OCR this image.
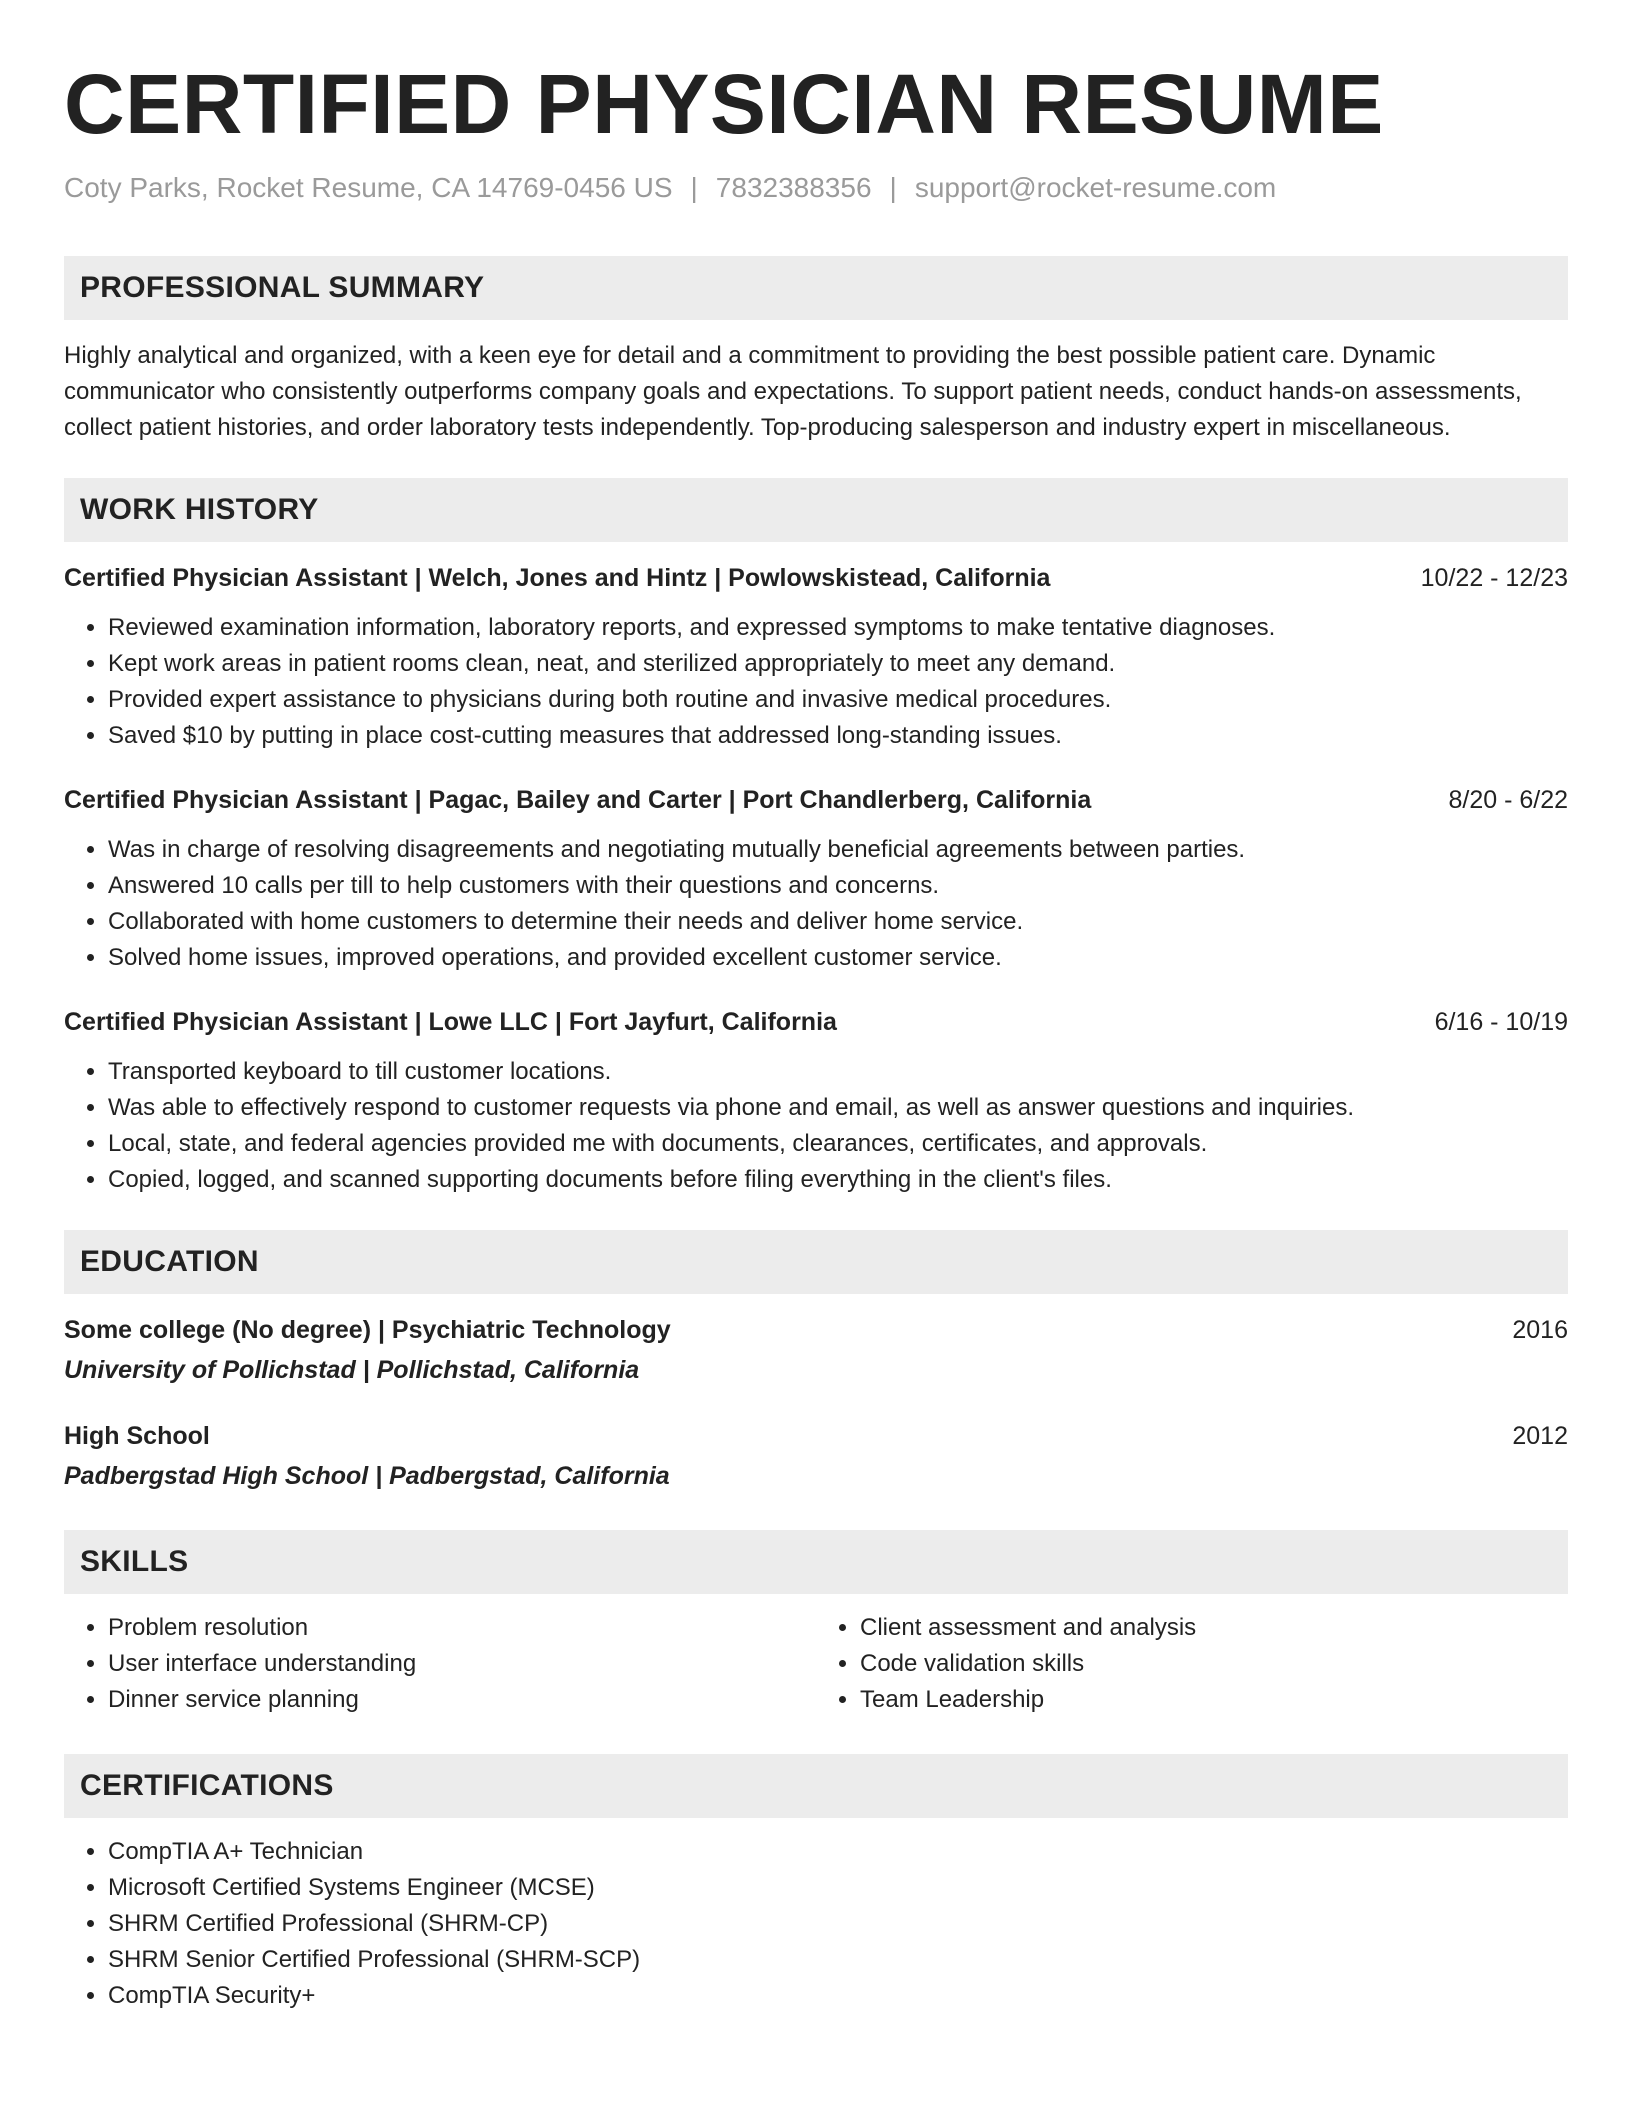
CERTIFIED PHYSICIAN RESUME
Coty Parks, Rocket Resume, CA 14769-0456 US | 7832388356 | support@rocket-resume.com
PROFESSIONAL SUMMARY

Highly analytical and organized, with a keen eye for detail and a commitment to providing the best possible patient care. Dynamic communicator who consistently outperforms company goals and expectations. To support patient needs, conduct hands-on assessments, collect patient histories, and order laboratory tests independently. Top-producing salesperson and industry expert in miscellaneous.

WORK HISTORY
Certified Physician Assistant | Welch, Jones and Hintz | Powlowskistead, California	10/22 - 12/23
• Reviewed examination information, laboratory reports, and expressed symptoms to make tentative diagnoses.
• Kept work areas in patient rooms clean, neat, and sterilized appropriately to meet any demand.
• Provided expert assistance to physicians during both routine and invasive medical procedures.
• Saved $10 by putting in place cost-cutting measures that addressed long-standing issues.
Certified Physician Assistant | Pagac, Bailey and Carter | Port Chandlerberg, California	8/20 - 6/22
• Was in charge of resolving disagreements and negotiating mutually beneficial agreements between parties.
• Answered 10 calls per till to help customers with their questions and concerns.
• Collaborated with home customers to determine their needs and deliver home service.
• Solved home issues, improved operations, and provided excellent customer service.
Certified Physician Assistant | Lowe LLC | Fort Jayfurt, California	6/16 - 10/19
• Transported keyboard to till customer locations.
• Was able to effectively respond to customer requests via phone and email, as well as answer questions and inquiries.
• Local, state, and federal agencies provided me with documents, clearances, certificates, and approvals.
• Copied, logged, and scanned supporting documents before filing everything in the client's files.
EDUCATION
Some college (No degree) | Psychiatric Technology	2016
University of Pollichstad | Pollichstad, California
High School	2012
Padbergstad High School | Padbergstad, California
SKILLS
• Problem resolution
• User interface understanding
• Dinner service planning
• Client assessment and analysis
• Code validation skills
• Team Leadership
CERTIFICATIONS
• CompTIA A+ Technician
• Microsoft Certified Systems Engineer (MCSE)
• SHRM Certified Professional (SHRM-CP)
• SHRM Senior Certified Professional (SHRM-SCP)
• CompTIA Security+
